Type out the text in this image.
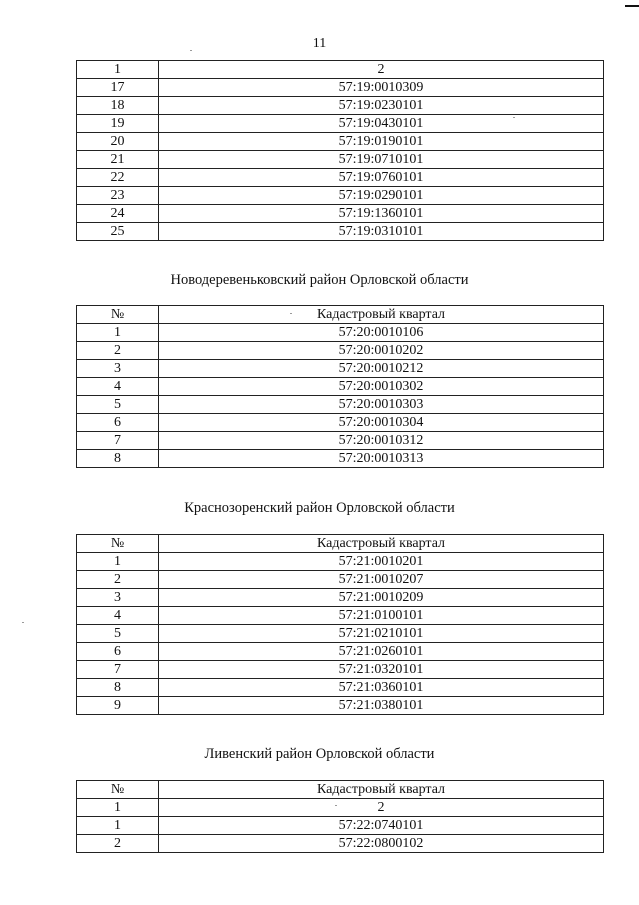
11
1	2
17	57:19:0010309
18	57:19:0230101
19	57:19:0430101
20	57:19:0190101
21	57:19:0710101
22	57:19:0760101
23	57:19:0290101
24	57:19:1360101
25	57:19:0310101
Новодеревеньковский район Орловской области
№	Кадастровый квартал
1	57:20:0010106
2	57:20:0010202
3	57:20:0010212
4	57:20:0010302
5	57:20:0010303
6	57:20:0010304
7	57:20:0010312
8	57:20:0010313
Краснозоренский район Орловской области
№	Кадастровый квартал
1	57:21:0010201
2	57:21:0010207
3	57:21:0010209
4	57:21:0100101
5	57:21:0210101
6	57:21:0260101
7	57:21:0320101
8	57:21:0360101
9	57:21:0380101
Ливенский район Орловской области
№	Кадастровый квартал
1	2
1	57:22:0740101
2	57:22:0800102
